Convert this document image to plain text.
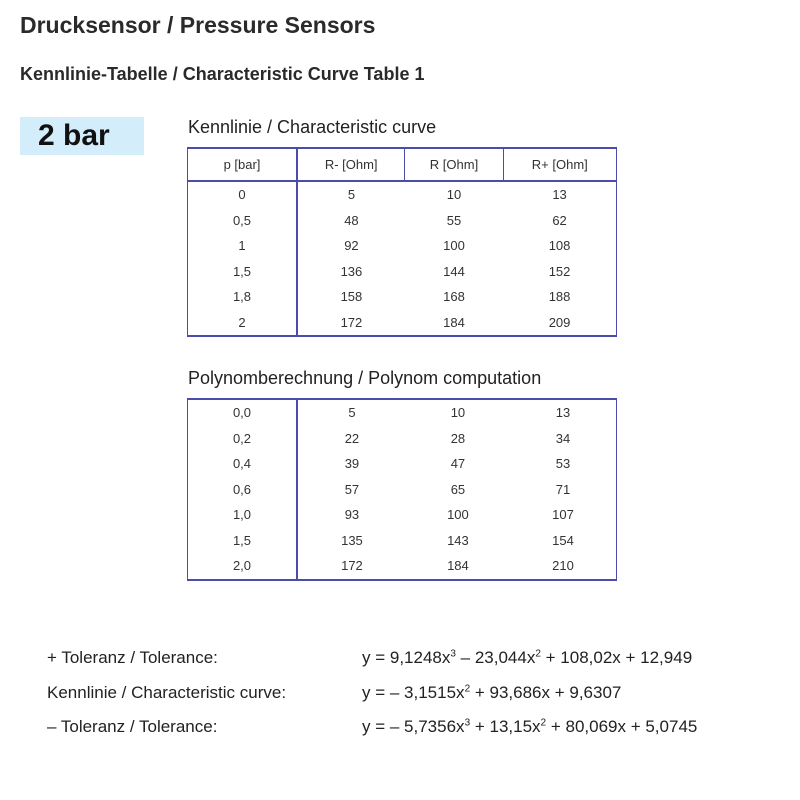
Drucksensor / Pressure Sensors
Kennlinie-Tabelle / Characteristic Curve Table 1
2 bar	Kennlinie / Characteristic curve
p [bar]	R- [Ohm]	R [Ohm]	R+ [Ohm]
0	5	10	13
0,5	48	55	62
1	92	100	108
1,5	136	144	152
1,8	158	168	188
2	172	184	209
Polynomberechnung / Polynom computation
0,0	5	10	13
0,2	22	28	34
0,4	39	47	53
0,6	57	65	71
1,0	93	100	107
1,5	135	143	154
2,0	172	184	210
+ Toleranz / Tolerance:	$y = 9,1248x^3 - 23,044x^2 + 108,02x + 12,949$
Kennlinie / Characteristic curve:	y = – $3,1515x^2 + 93,686x + 9,6307$
– Toleranz / Tolerance:	y = – $5,7356x^3 + 13,15x^2 + 80,069x + 5,0745$
